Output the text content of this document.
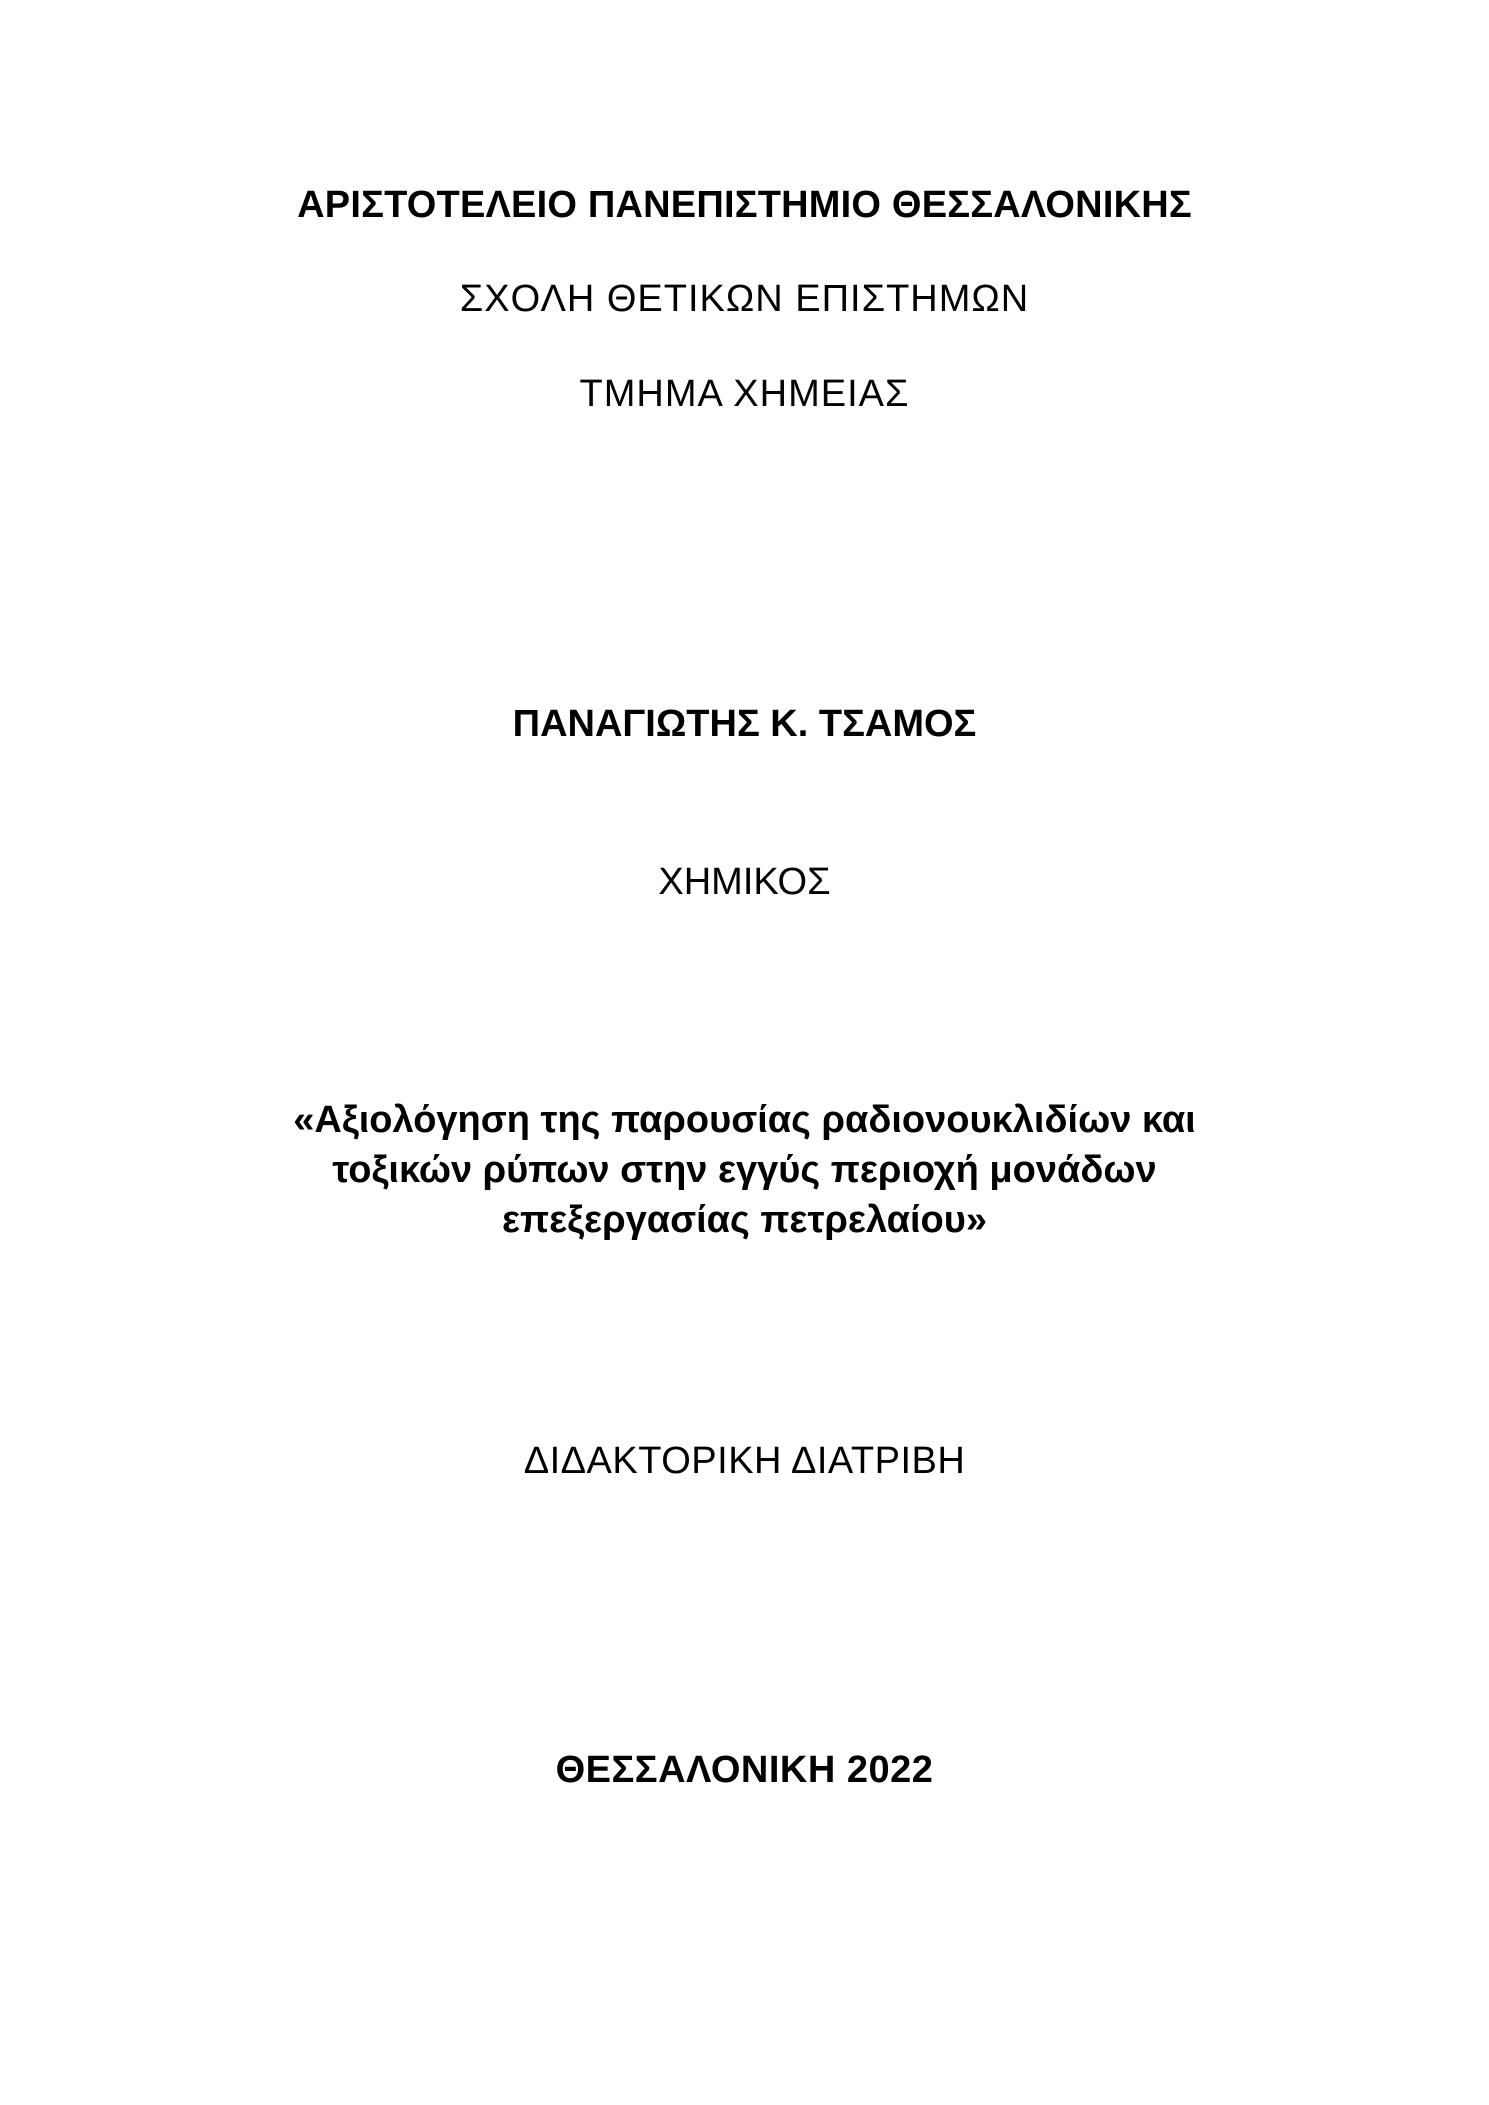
ΑΡΙΣΤΟΤΕΛΕΙΟ ΠΑΝΕΠΙΣΤΗΜΙΟ ΘΕΣΣΑΛΟΝΙΚΗΣ
ΣΧΟΛΗ ΘΕΤΙΚΩΝ ΕΠΙΣΤΗΜΩΝ
ΤΜΗΜΑ ΧΗΜΕΙΑΣ
ΠΑΝΑΓΙΩΤΗΣ Κ. ΤΣΑΜΟΣ
ΧΗΜΙΚΟΣ
«Αξιολόγηση της παρουσίας ραδιονουκλιδίων και
τοξικών ρύπων στην εγγύς περιοχή μονάδων
επεξεργασίας πετρελαίου»
ΔΙΔΑΚΤΟΡΙΚΗ ΔΙΑΤΡΙΒΗ
ΘΕΣΣΑΛΟΝΙΚΗ 2022
